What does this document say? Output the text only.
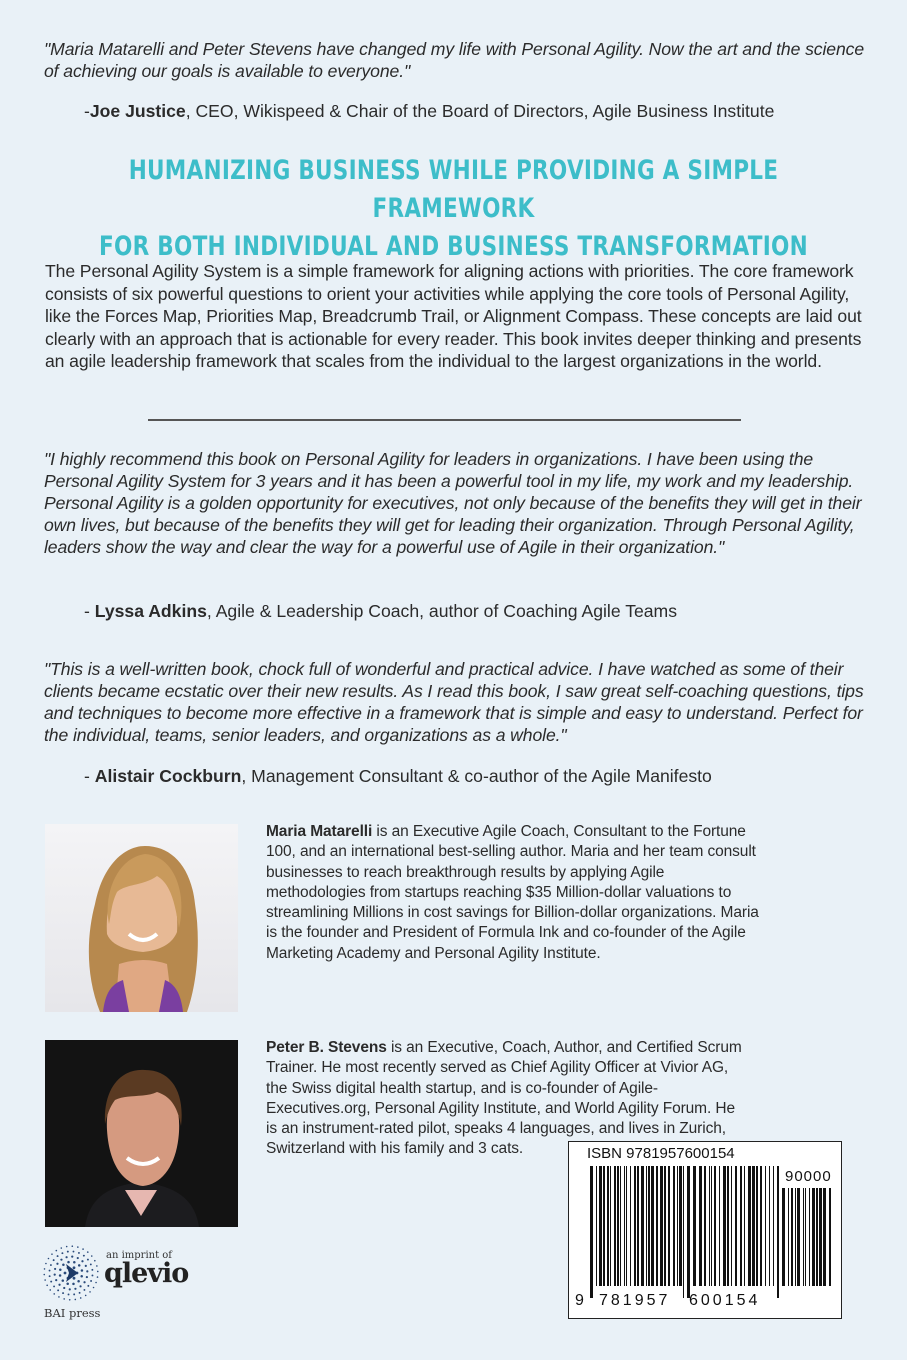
"Maria Matarelli and Peter Stevens have changed my life with Personal Agility. Now the art and the science of achieving our goals is available to everyone."
-Joe Justice, CEO, Wikispeed & Chair of the Board of Directors, Agile Business Institute
HUMANIZING BUSINESS WHILE PROVIDING A SIMPLE FRAMEWORK
FOR BOTH INDIVIDUAL AND BUSINESS TRANSFORMATION
The Personal Agility System is a simple framework for aligning actions with priorities. The core framework consists of six powerful questions to orient your activities while applying the core tools of Personal Agility, like the Forces Map, Priorities Map, Breadcrumb Trail, or Alignment Compass. These concepts are laid out clearly with an approach that is actionable for every reader. This book invites deeper thinking and presents an agile leadership framework that scales from the individual to the largest organizations in the world.
"I highly recommend this book on Personal Agility for leaders in organizations. I have been using the Personal Agility System for 3 years and it has been a powerful tool in my life, my work and my leadership. Personal Agility is a golden opportunity for executives, not only because of the benefits they will get in their own lives, but because of the benefits they will get for leading their organization. Through Personal Agility, leaders show the way and clear the way for a powerful use of Agile in their organization."
- Lyssa Adkins, Agile & Leadership Coach, author of Coaching Agile Teams
"This is a well-written book, chock full of wonderful and practical advice. I have watched as some of their clients became ecstatic over their new results. As I read this book, I saw great self-coaching questions, tips and techniques to become more effective in a framework that is simple and easy to understand. Perfect for the individual, teams, senior leaders, and organizations as a whole."
- Alistair Cockburn, Management Consultant & co-author of the Agile Manifesto
Maria Matarelli is an Executive Agile Coach, Consultant to the Fortune 100, and an international best-selling author. Maria and her team consult businesses to reach breakthrough results by applying Agile methodologies from startups reaching $35 Million-dollar valuations to streamlining Millions in cost savings for Billion-dollar organizations. Maria is the founder and President of Formula Ink and co-founder of the Agile Marketing Academy and Personal Agility Institute.
Peter B. Stevens is an Executive, Coach, Author, and Certified Scrum Trainer. He most recently served as Chief Agility Officer at Vivior AG, the Swiss digital health startup, and is co-founder of Agile-Executives.org, Personal Agility Institute, and World Agility Forum. He is an instrument-rated pilot, speaks 4 languages, and lives in Zurich, Switzerland with his family and 3 cats.
an imprint of
qlevio
BAI press
ISBN 9781957600154
90000
9 781957 600154
